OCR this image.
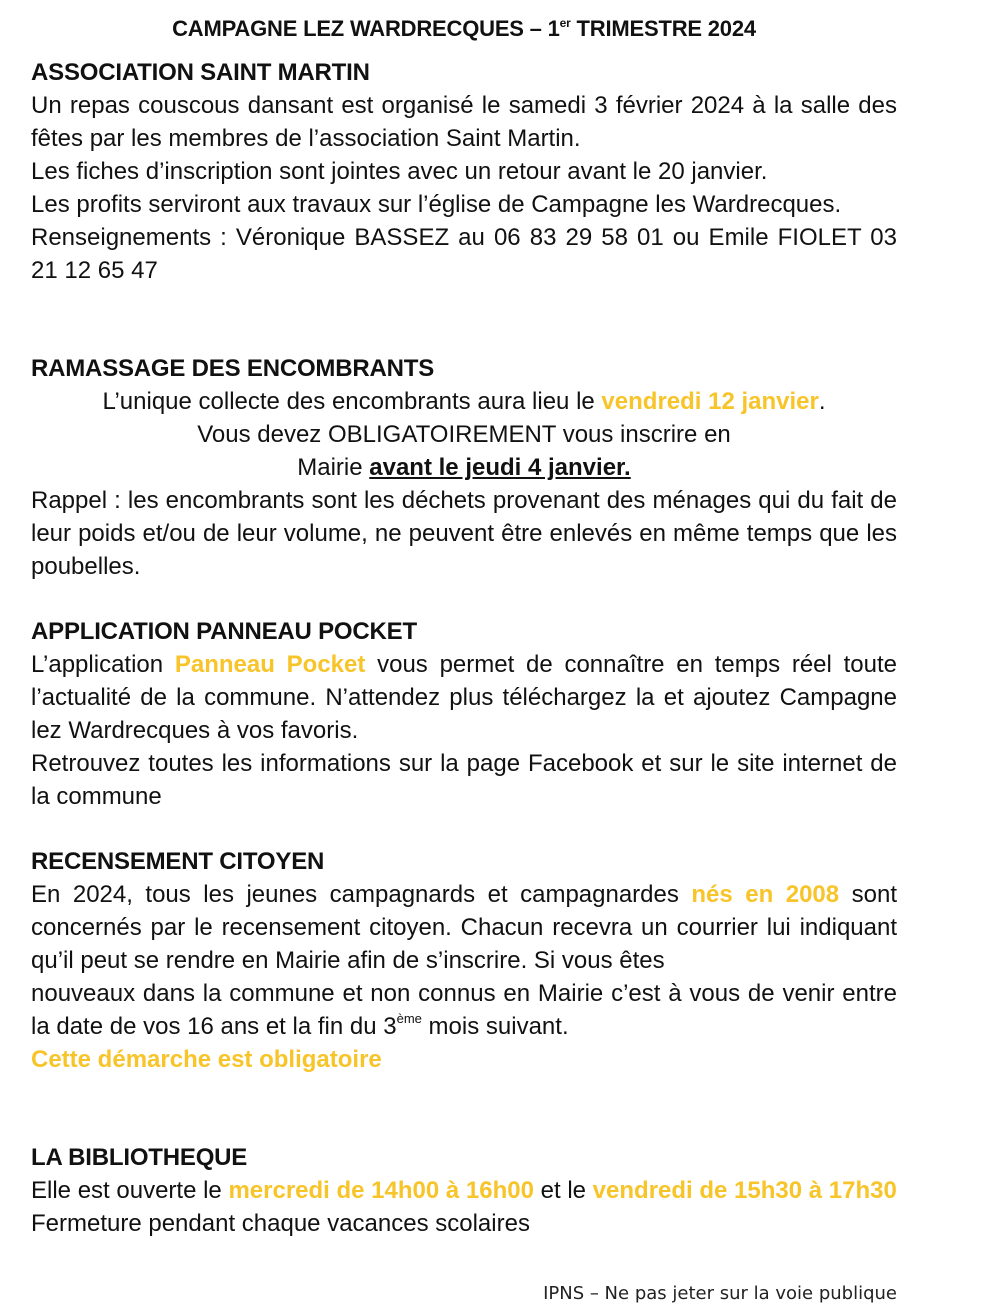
CAMPAGNE LEZ WARDRECQUES – 1er TRIMESTRE 2024
ASSOCIATION SAINT MARTIN

Un repas couscous dansant est organisé le samedi 3 février 2024 à la salle des fêtes par les membres de l’association Saint Martin.

Les fiches d’inscription sont jointes avec un retour avant le 20 janvier.

Les profits serviront aux travaux sur l’église de Campagne les Wardrecques.

Renseignements : Véronique BASSEZ au 06 83 29 58 01 ou Emile FIOLET 03 21 12 65 47

RAMASSAGE DES ENCOMBRANTS

L’unique collecte des encombrants aura lieu le vendredi 12 janvier.

Vous devez OBLIGATOIREMENT vous inscrire en

Mairie avant le jeudi 4 janvier.

Rappel : les encombrants sont les déchets provenant des ménages qui du fait de leur poids et/ou de leur volume, ne peuvent être enlevés en même temps que les poubelles.

APPLICATION PANNEAU POCKET

L’application Panneau Pocket vous permet de connaître en temps réel toute l’actualité de la commune. N’attendez plus téléchargez la et ajoutez Campagne lez Wardrecques à vos favoris.

Retrouvez toutes les informations sur la page Facebook et sur le site internet de la commune

RECENSEMENT CITOYEN

En 2024, tous les jeunes campagnards et campagnardes nés en 2008 sont concernés par le recensement citoyen. Chacun recevra un courrier lui indiquant qu’il peut se rendre en Mairie afin de s’inscrire. Si vous êtes

nouveaux dans la commune et non connus en Mairie c’est à vous de venir entre la date de vos 16 ans et la fin du 3ème mois suivant.

Cette démarche est obligatoire

LA BIBLIOTHEQUE

Elle est ouverte le mercredi de 14h00 à 16h00 et le vendredi de 15h30 à 17h30

Fermeture pendant chaque vacances scolaires

IPNS – Ne pas jeter sur la voie publique
